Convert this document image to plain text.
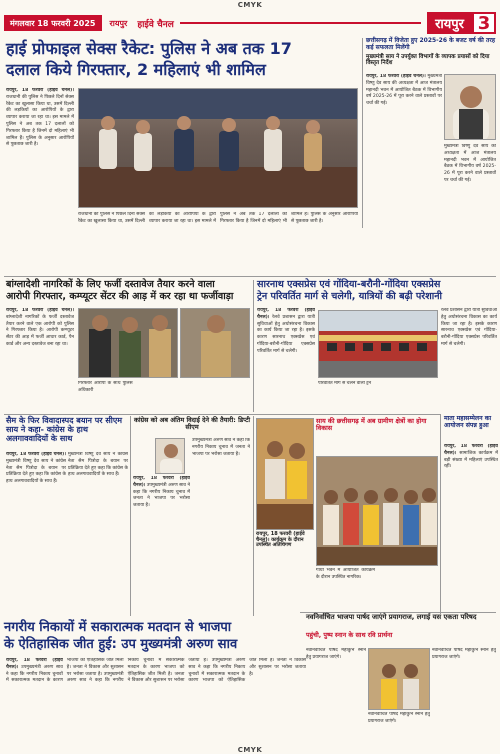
CMYK
मंगलवार 18 फरवरी 2025	रायपुर हाईवे चैनल	रायपुर 3
हाई प्रोफाइल सेक्स रैकेट: पुलिस ने अब तक 17
दलाल किये गिरफ्तार, 2 महिलाएं भी शामिल
रायपुर, 18 फरवरी (हाईवे चैनल)। राजधानी की पुलिस ने पिछले दिनों सेक्स रैकेट का खुलासा किया था, उसमें दिल्ली की लड़कियों का आरोपियों के द्वारा व्यापार कराया जा रहा था। इस मामले में पुलिस ने अब तक 17 दलालों को गिरफ्तार किया है जिनमें दो महिलाएं भी शामिल हैं। पुलिस के अनुसार आरोपियों से पूछताछ जारी है।
राजधानी की पुलिस ने पिछले दिनों सेक्स रैकेट का खुलासा किया था, उसमें दिल्ली की लड़कियों का आरोपियों के द्वारा व्यापार कराया जा रहा था। इस मामले में पुलिस ने अब तक 17 दलालों को गिरफ्तार किया है जिनमें दो महिलाएं भी शामिल हैं। पुलिस के अनुसार आरोपियों से पूछताछ जारी है।
छत्तीसगढ़ में विजेता हुए 2025-26 के बजट वर्ष की तरह कई सफलता मिलेंगी
मुख्यमंत्री साय ने उपर्युक्त विभागों के व्यापक प्रयासों को दिया विस्तृत निर्देश
रायपुर, 18 फरवरी (हाईवे चैनल)। मुख्यमंत्री विष्णु देव साय की अध्यक्षता में आज मंत्रालय महानदी भवन में आयोजित बैठक में विभागीय वर्ष 2025-26 में पूरा करने वाले प्रस्तावों पर चर्चा की गई।
मुख्यमंत्री विष्णु देव साय की अध्यक्षता में आज मंत्रालय महानदी भवन में आयोजित बैठक में विभागीय वर्ष 2025-26 में पूरा करने वाले प्रस्तावों पर चर्चा की गई।
बांग्लादेशी नागरिकों के लिए फर्जी दस्तावेज तैयार करने वाला
आरोपी गिरफ्तार, कम्प्यूटर सेंटर की आड़ में कर रहा था फर्जीवाड़ा
रायपुर, 18 फरवरी (हाईवे चैनल)। बांग्लादेशी नागरिकों के फर्जी दस्तावेज तैयार करने वाले एक आरोपी को पुलिस ने गिरफ्तार किया है। आरोपी कम्प्यूटर सेंटर की आड़ में फर्जी आधार कार्ड, पैन कार्ड और अन्य दस्तावेज बना रहा था।
गिरफ्तार आरोपी के साथ पुलिस अधिकारी
सारनाथ एक्सप्रेस एवं गोंदिया-बरौनी-गोंदिया एक्सप्रेस
ट्रेन परिवर्तित मार्ग से चलेगी, यात्रियों की बढ़ी परेशानी
रायपुर, 18 फरवरी (हाईवे चैनल)। रेलवे प्रशासन द्वारा यात्री सुविधाओं हेतु अधोसंरचना विकास का कार्य किया जा रहा है। इसके कारण सारनाथ एक्सप्रेस एवं गोंदिया-बरौनी-गोंदिया एक्सप्रेस परिवर्तित मार्ग से चलेगी।
परिवर्तित मार्ग से चलने वाली ट्रेन
रेलवे प्रशासन द्वारा यात्री सुविधाओं हेतु अधोसंरचना विकास का कार्य किया जा रहा है। इसके कारण सारनाथ एक्सप्रेस एवं गोंदिया-बरौनी-गोंदिया एक्सप्रेस परिवर्तित मार्ग से चलेगी।
सैम के फिर विवादास्पद बयान पर सीएम साय ने कहा- कांग्रेस के हाथ अलगाववादियों के साथ
रायपुर, 18 फरवरी (हाईवे चैनल)। मुख्यमंत्री विष्णु देव साय ने कांग्रेस नेता सैम पित्रोदा के बयान पर प्रतिक्रिया देते हुए कहा कि कांग्रेस के हाथ अलगाववादियों के साथ हैं।
मुख्यमंत्री विष्णु देव साय ने कांग्रेस नेता सैम पित्रोदा के बयान पर प्रतिक्रिया देते हुए कहा कि कांग्रेस के हाथ अलगाववादियों के साथ हैं।
कांग्रेस को अब अंतिम विदाई देने की तैयारी: डिप्टी सीएम
रायपुर, 18 फरवरी (हाईवे चैनल)। उपमुख्यमंत्री अरुण साव ने कहा कि नगरीय निकाय चुनाव में जनता ने भाजपा पर भरोसा जताया है।
उपमुख्यमंत्री अरुण साव ने कहा कि नगरीय निकाय चुनाव में जनता ने भाजपा पर भरोसा जताया है।
रायपुर, 18 फरवरी (हाईवे चैनल)। कार्यक्रम के दौरान उपस्थित अतिथिगण
साय की छत्तीसगढ़ में अब ग्रामीण क्षेत्रों का होगा विकास
गांधी भवन में आयोजित कार्यक्रम के दौरान उपस्थित नागरिक।
माता महासम्मेलन का आयोजन संपन्न हुआ
रायपुर, 18 फरवरी (हाईवे चैनल)। सामाजिक कार्यक्रम में बड़ी संख्या में महिलाएं उपस्थित रहीं।
नगरीय निकायों में सकारात्मक मतदान से भाजपा
के ऐतिहासिक जीत हुई: उप मुख्यमंत्री अरुण साव
नवनिर्वाचित भाजपा पार्षद जाएंगे प्रयागराज, लगाई यस एकता परिषद
पहुंची, पुष्प स्नान के साथ रवि प्रार्थना
रायपुर, 18 फरवरी (हाईवे चैनल)। उपमुख्यमंत्री अरुण साव ने कहा कि नगरीय निकाय चुनावों में सकारात्मक मतदान के कारण भाजपा को ऐतिहासिक जीत मिली है। जनता ने विकास और सुशासन पर भरोसा जताया है। उपमुख्यमंत्री अरुण साव ने कहा कि नगरीय निकाय चुनावों में सकारात्मक मतदान के कारण भाजपा को ऐतिहासिक जीत मिली है। जनता ने विकास और सुशासन पर भरोसा जताया है। उपमुख्यमंत्री अरुण साव ने कहा कि नगरीय निकाय चुनावों में सकारात्मक मतदान के कारण भाजपा को ऐतिहासिक जीत मिली है। जनता ने विकास और सुशासन पर भरोसा जताया है।
नवनिर्वाचित पार्षद महाकुंभ स्नान हेतु प्रयागराज जाएंगे।
नवनिर्वाचित पार्षद महाकुंभ स्नान हेतु प्रयागराज जाएंगे।
नवनिर्वाचित पार्षद महाकुंभ स्नान हेतु प्रयागराज जाएंगे।
CMYK
